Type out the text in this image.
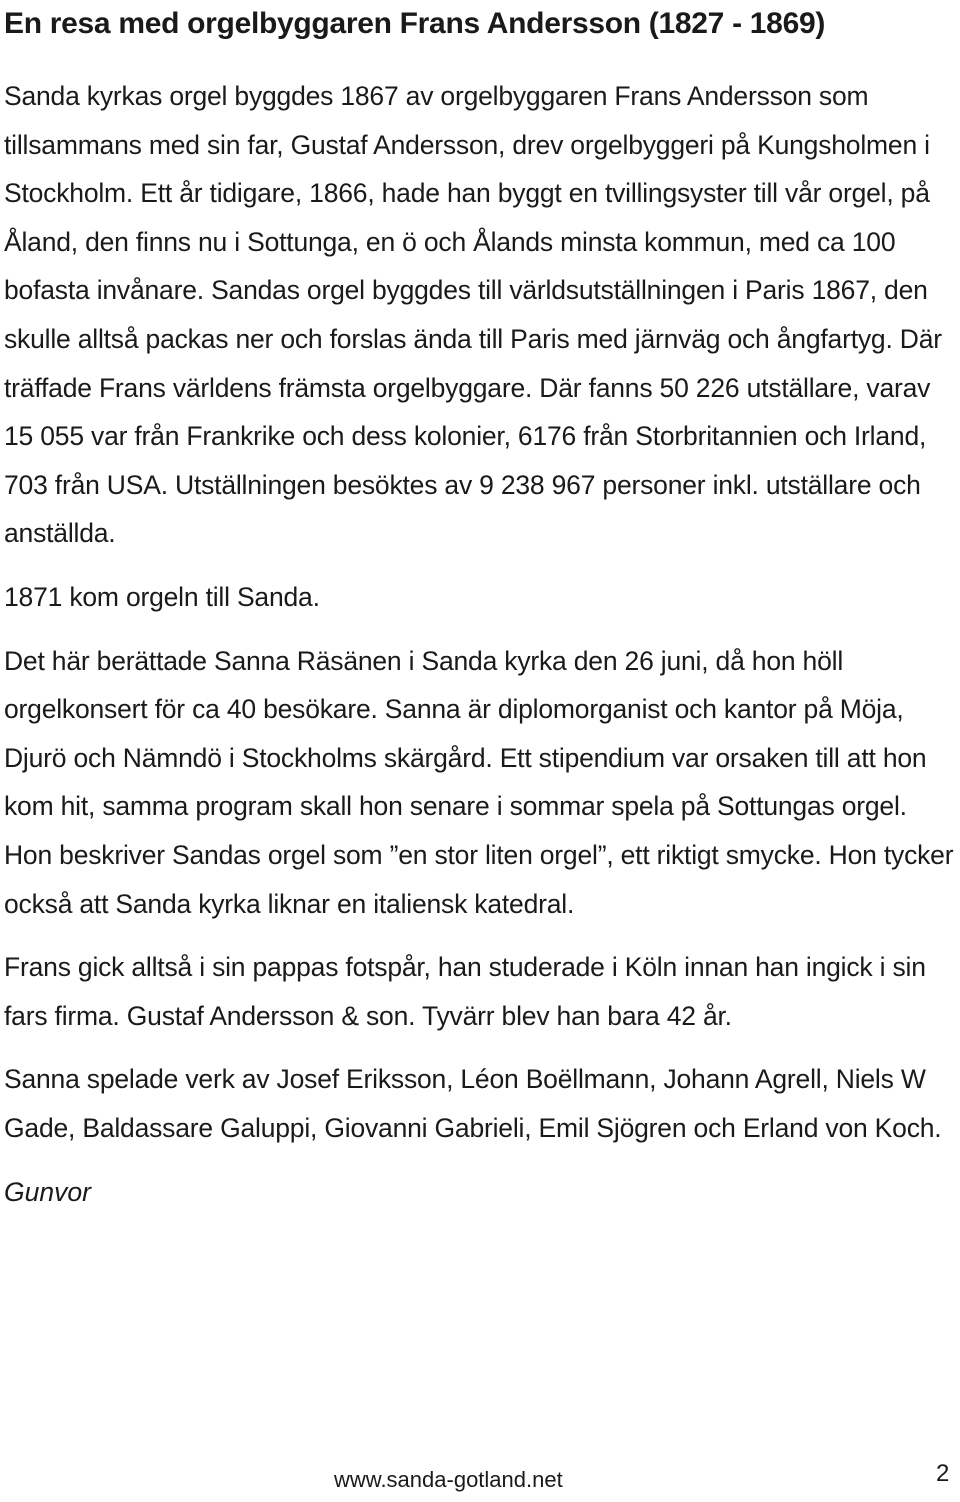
En resa med orgelbyggaren Frans Andersson (1827 - 1869)

Sanda kyrkas orgel byggdes 1867 av orgelbyggaren Frans Andersson som tillsammans med sin far, Gustaf Andersson, drev orgelbyggeri på Kungsholmen i Stockholm. Ett år tidigare, 1866, hade han byggt en tvillingsyster till vår orgel, på Åland, den finns nu i Sottunga, en ö och Ålands minsta kommun, med ca 100 bofasta invånare. Sandas orgel byggdes till världsutställningen i Paris 1867, den skulle alltså packas ner och forslas ända till Paris med järnväg och ångfartyg. Där träffade Frans världens främsta orgelbyggare. Där fanns 50 226 utställare, varav 15 055 var från Frankrike och dess kolonier, 6176 från Storbritannien och Irland, 703 från USA. Utställningen besöktes av 9 238 967 personer inkl. utställare och anställda.

1871 kom orgeln till Sanda.

Det här berättade Sanna Räsänen i Sanda kyrka den 26 juni, då hon höll orgelkonsert för ca 40 besökare. Sanna är diplomorganist och kantor på Möja, Djurö och Nämndö i Stockholms skärgård. Ett stipendium var orsaken till att hon kom hit, samma program skall hon senare i sommar spela på Sottungas orgel. Hon beskriver Sandas orgel som ”en stor liten orgel”, ett riktigt smycke. Hon tycker också att Sanda kyrka liknar en italiensk katedral.

Frans gick alltså i sin pappas fotspår, han studerade i Köln innan han ingick i sin fars firma. Gustaf Andersson & son. Tyvärr blev han bara 42 år.

Sanna spelade verk av Josef Eriksson, Léon Boëllmann, Johann Agrell, Niels W Gade, Baldassare Galuppi, Giovanni Gabrieli, Emil Sjögren och Erland von Koch.

Gunvor

www.sanda-gotland.net	2
